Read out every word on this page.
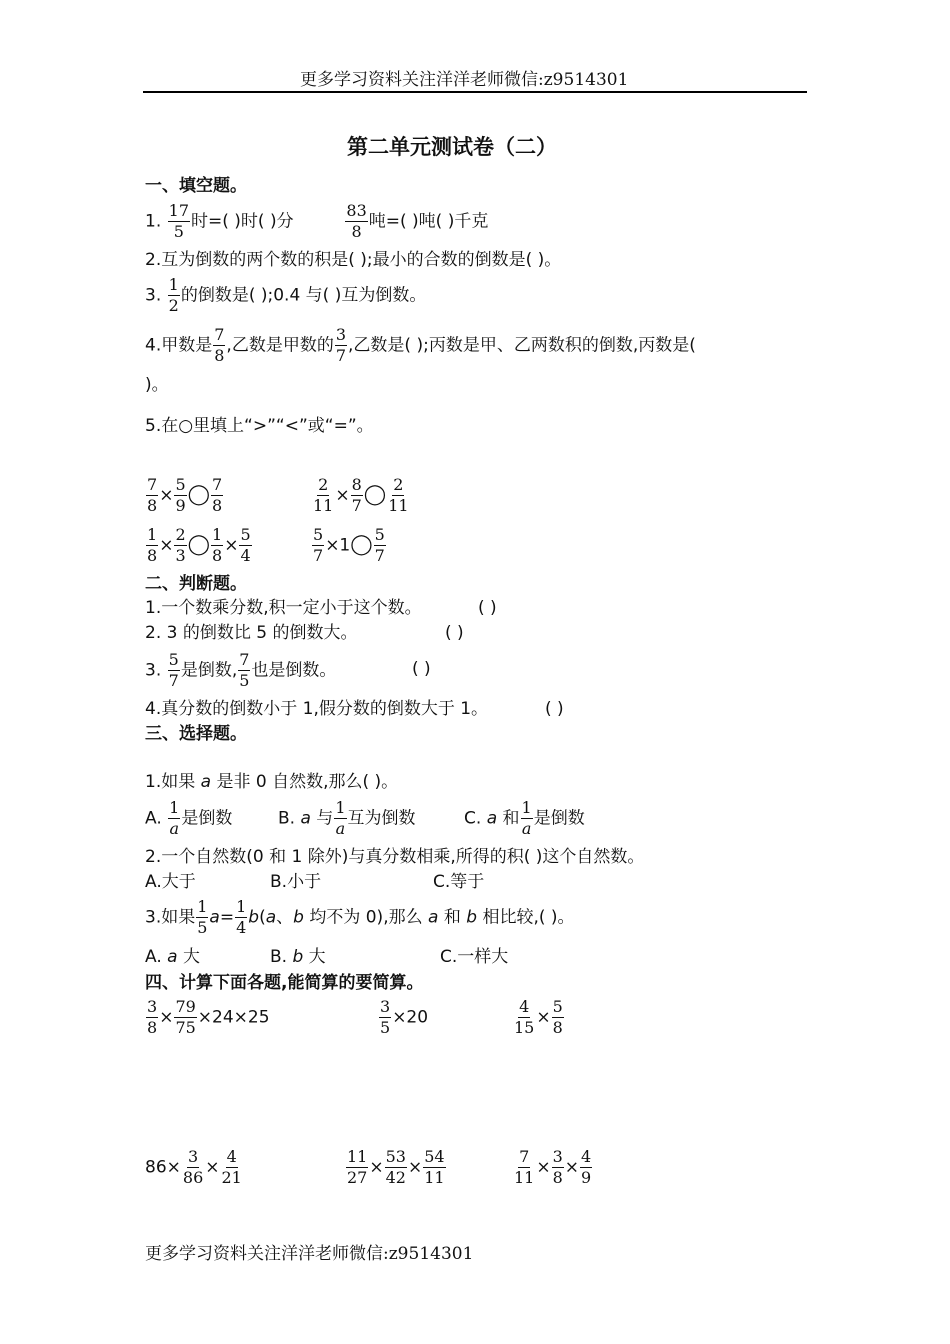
更多学习资料关注洋洋老师微信:z9514301
第二单元测试卷（二）
一、填空题。
1. $\frac{17}{5}$ 时=( )时( )分	$\frac{83}{8}$ 吨=( )吨( )千克
2.互为倒数的两个数的积是( );最小的合数的倒数是( )。
3. $\frac{1}{2}$ 的倒数是( );0.4 与( )互为倒数。
4.甲数是 $\frac{7}{8}$ ,乙数是甲数的 $\frac{3}{7}$ ,乙数是( );丙数是甲、乙两数积的倒数,丙数是(
)。
5.在○里填上“>”“<”或“=”。
$\frac{7}{8} \times \frac{5}{9}$ ◯ $\frac{7}{8}$	$\frac{2}{11} \times \frac{8}{7}$ ◯ $\frac{2}{11}$
$\frac{1}{8} \times \frac{2}{3}$ ◯ $\frac{1}{8} \times \frac{5}{4}$	$\frac{5}{7}$ ×1◯ $\frac{5}{7}$
二、判断题。
1.一个数乘分数,积一定小于这个数。	( )
2. 3 的倒数比 5 的倒数大。	( )
3. $\frac{5}{7}$ 是倒数, $\frac{7}{5}$ 也是倒数。	( )
4.真分数的倒数小于 1,假分数的倒数大于 1。	( )
三、选择题。
1.如果 a 是非 0 自然数,那么( )。
A. $\frac{1}{a}$ 是倒数	B. a 与 $\frac{1}{a}$ 互为倒数	C. a 和 $\frac{1}{a}$ 是倒数
2.一个自然数(0 和 1 除外)与真分数相乘,所得的积( )这个自然数。
A.大于	B.小于	C.等于
3.如果 $\frac{1}{5} a= \frac{1}{4} b(a$、b 均不为 0),那么 a 和 b 相比较,( )。
A. a 大	B. b 大	C.一样大
四、计算下面各题,能简算的要简算。
$\frac{3}{8} \times \frac{79}{75} \times 24\times 25$	$\frac{3}{5} \times 20$	$\frac{4}{15} \times \frac{5}{8}$
$86\times \frac{3}{86} \times \frac{4}{21}$	$\frac{11}{27} \times \frac{53}{42} \times \frac{54}{11}$	$\frac{7}{11} \times \frac{3}{8} \times \frac{4}{9}$
更多学习资料关注洋洋老师微信:z9514301
